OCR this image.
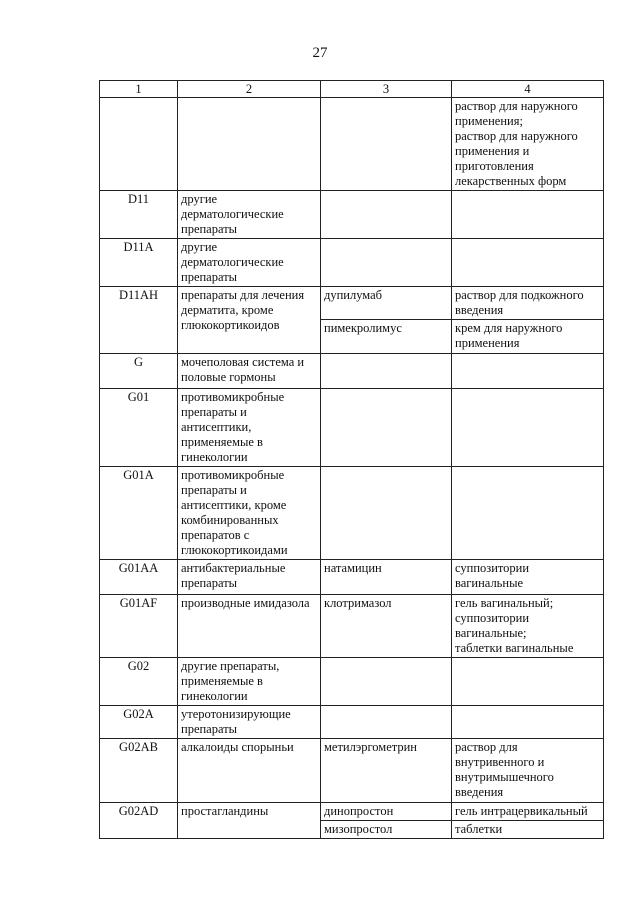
27
1	2	3	4
			раствор для наружного применения;
раствор для наружного применения и приготовления лекарственных форм
D11	другие дерматологические препараты		
D11A	другие дерматологические препараты		
D11AH	препараты для лечения дерматита, кроме глюкокортикоидов	дупилумаб	раствор для подкожного введения
		пимекролимус	крем для наружного применения
G	мочеполовая система и половые гормоны		
G01	противомикробные препараты и антисептики, применяемые в гинекологии		
G01A	противомикробные препараты и антисептики, кроме комбинированных препаратов с глюкокортикоидами		
G01AA	антибактериальные препараты	натамицин	суппозитории вагинальные
G01AF	производные имидазола	клотримазол	гель вагинальный;
суппозитории вагинальные;
таблетки вагинальные
G02	другие препараты, применяемые в гинекологии		
G02A	утеротонизирующие препараты		
G02AB	алкалоиды спорыньи	метилэргометрин	раствор для внутривенного и внутримышечного введения
G02AD	простагландины	динопростон	гель интрацервикальный
		мизопростол	таблетки
